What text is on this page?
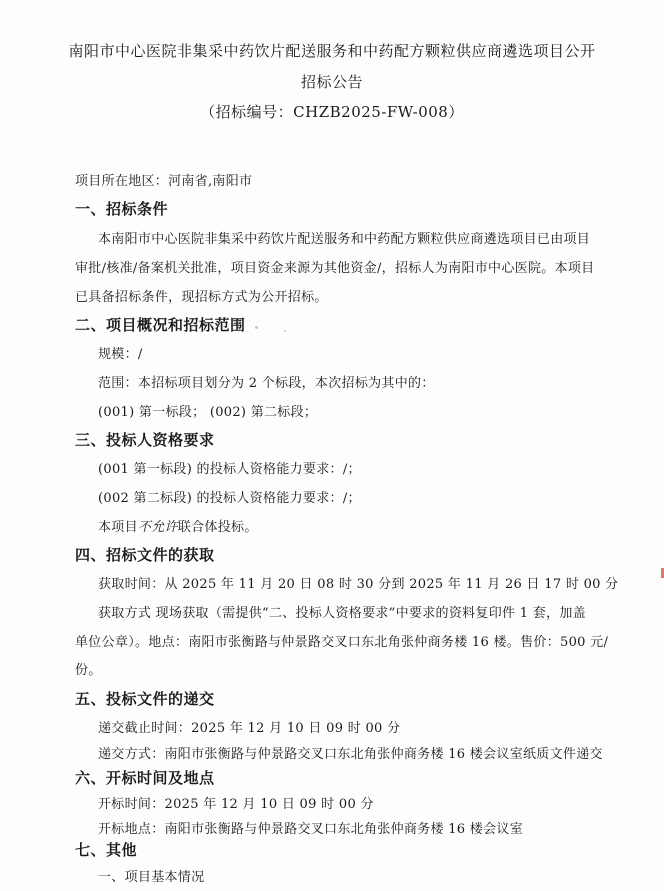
南阳市中心医院非集采中药饮片配送服务和中药配方颗粒供应商遴选项目公开
招标公告
（招标编号：CHZB2025-FW-008）
项目所在地区：河南省,南阳市
一、招标条件
本南阳市中心医院非集采中药饮片配送服务和中药配方颗粒供应商遴选项目已由项目
审批/核准/备案机关批准，项目资金来源为其他资金/，招标人为南阳市中心医院。本项目
已具备招标条件，现招标方式为公开招标。
二、项目概况和招标范围
规模：/
范围：本招标项目划分为 2 个标段，本次招标为其中的：
(001) 第一标段； (002) 第二标段；
三、投标人资格要求
(001 第一标段) 的投标人资格能力要求：/；
(002 第二标段) 的投标人资格能力要求：/；
本项目不允许联合体投标。
四、招标文件的获取
获取时间：从 2025 年 11 月 20 日 08 时 30 分到 2025 年 11 月 26 日 17 时 00 分
获取方式 现场获取（需提供“二、投标人资格要求”中要求的资料复印件 1 套，加盖
单位公章）。地点：南阳市张衡路与仲景路交叉口东北角张仲商务楼 16 楼。售价：500 元/
份。
五、投标文件的递交
递交截止时间：2025 年 12 月 10 日 09 时 00 分
递交方式：南阳市张衡路与仲景路交叉口东北角张仲商务楼 16 楼会议室纸质文件递交
六、开标时间及地点
开标时间：2025 年 12 月 10 日 09 时 00 分
开标地点：南阳市张衡路与仲景路交叉口东北角张仲商务楼 16 楼会议室
七、其他
一、项目基本情况
